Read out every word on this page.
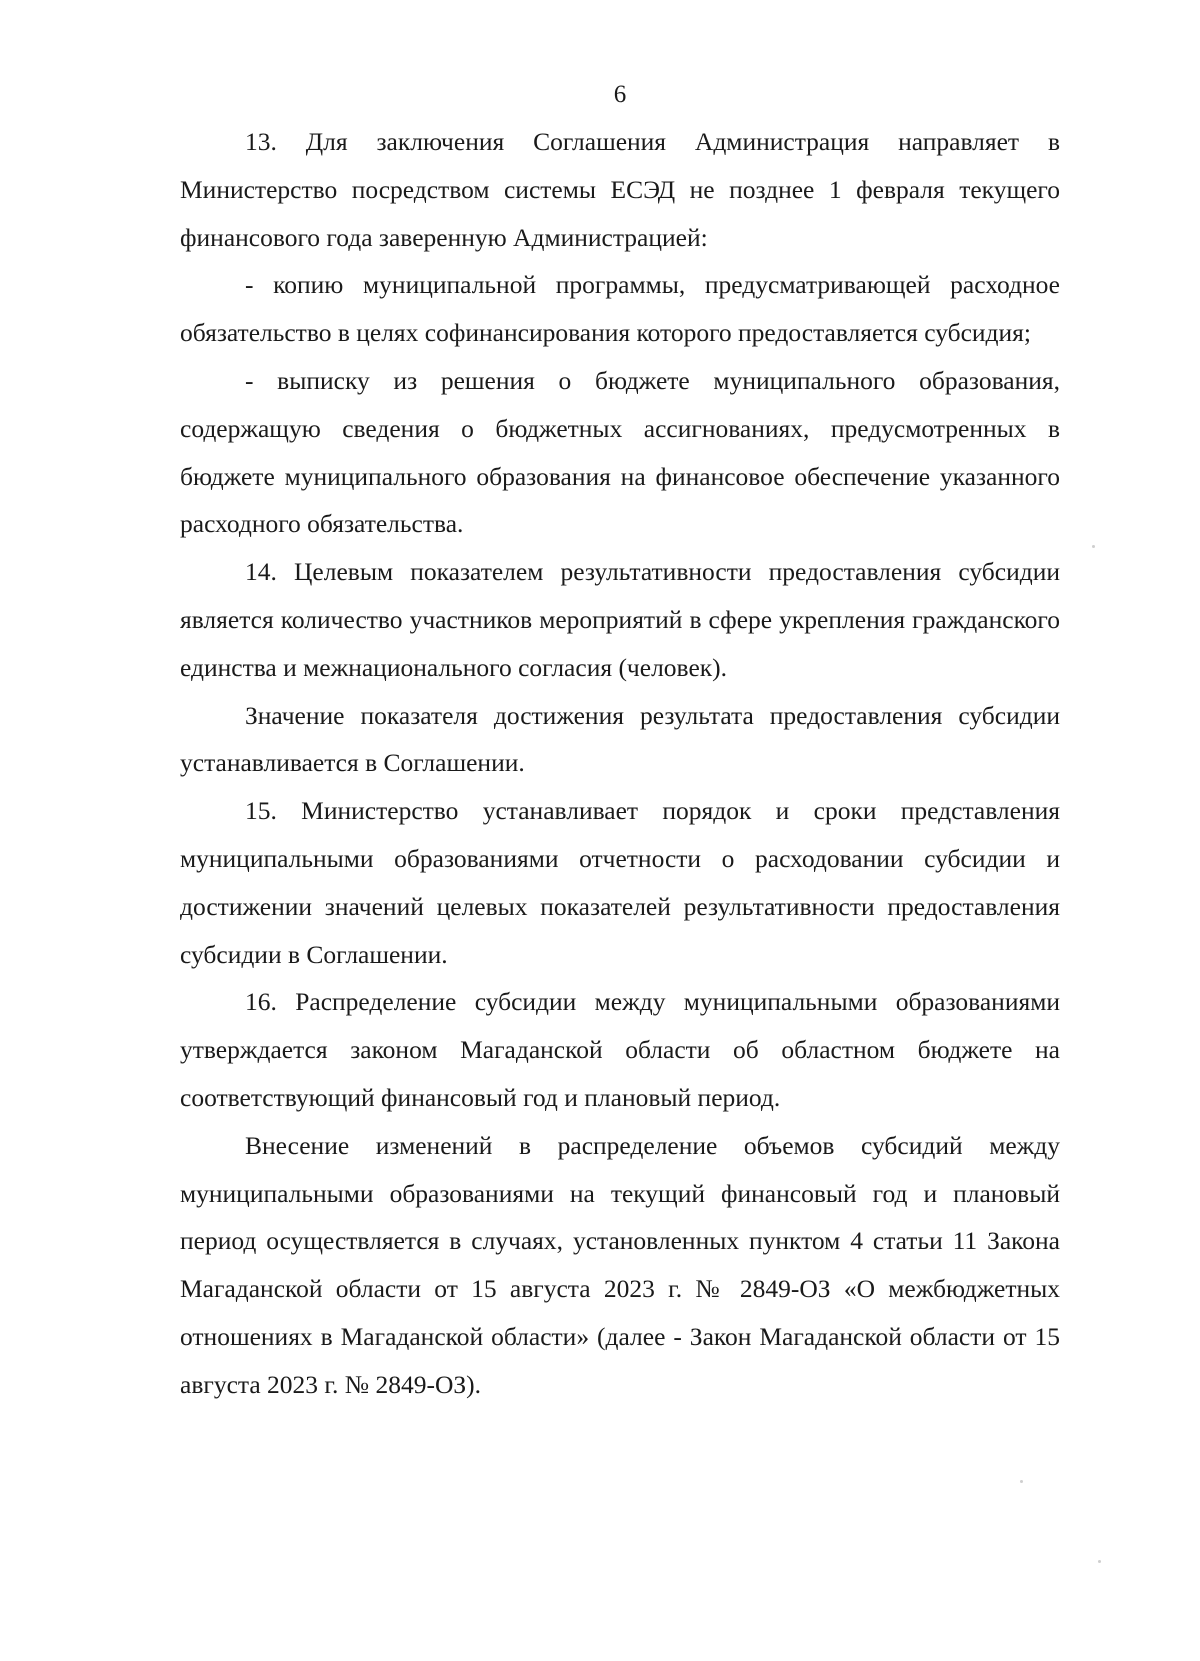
6

13. Для заключения Соглашения Администрация направляет в Министерство посредством системы ЕСЭД не позднее 1 февраля текущего финансового года заверенную Администрацией:

- копию муниципальной программы, предусматривающей расходное обязательство в целях софинансирования которого предоставляется субсидия;

- выписку из решения о бюджете муниципального образования, содержащую сведения о бюджетных ассигнованиях, предусмотренных в бюджете муниципального образования на финансовое обеспечение указанного расходного обязательства.

14. Целевым показателем результативности предоставления субсидии является количество участников мероприятий в сфере укрепления гражданского единства и межнационального согласия (человек).

Значение показателя достижения результата предоставления субсидии устанавливается в Соглашении.

15. Министерство устанавливает порядок и сроки представления муниципальными образованиями отчетности о расходовании субсидии и достижении значений целевых показателей результативности предоставления субсидии в Соглашении.

16. Распределение субсидии между муниципальными образованиями утверждается законом Магаданской области об областном бюджете на соответствующий финансовый год и плановый период.

Внесение изменений в распределение объемов субсидий между муниципальными образованиями на текущий финансовый год и плановый период осуществляется в случаях, установленных пунктом 4 статьи 11 Закона Магаданской области от 15 августа 2023 г. № 2849-ОЗ «О межбюджетных отношениях в Магаданской области» (далее - Закон Магаданской области от 15 августа 2023 г. № 2849-ОЗ).
